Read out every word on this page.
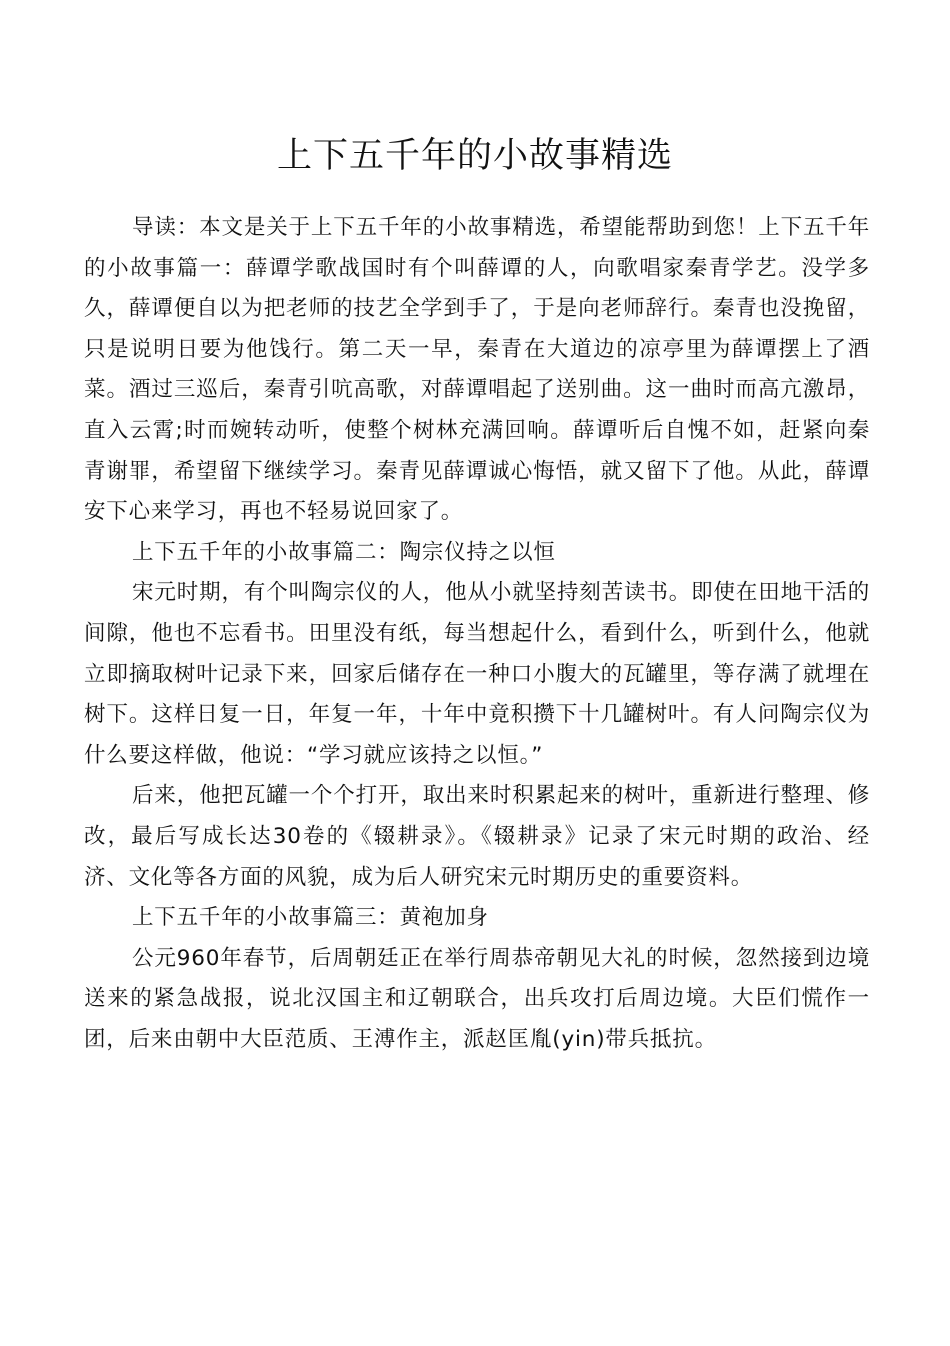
上下五千年的小故事精选

导读：本文是关于上下五千年的小故事精选，希望能帮助到您！上下五千年的小故事篇一：薛谭学歌战国时有个叫薛谭的人，向歌唱家秦青学艺。没学多久，薛谭便自以为把老师的技艺全学到手了，于是向老师辞行。秦青也没挽留，只是说明日要为他饯行。第二天一早，秦青在大道边的凉亭里为薛谭摆上了酒菜。酒过三巡后，秦青引吭高歌，对薛谭唱起了送别曲。这一曲时而高亢激昂，直入云霄;时而婉转动听，使整个树林充满回响。薛谭听后自愧不如，赶紧向秦青谢罪，希望留下继续学习。秦青见薛谭诚心悔悟，就又留下了他。从此，薛谭安下心来学习，再也不轻易说回家了。

上下五千年的小故事篇二：陶宗仪持之以恒

宋元时期，有个叫陶宗仪的人，他从小就坚持刻苦读书。即使在田地干活的间隙，他也不忘看书。田里没有纸，每当想起什么，看到什么，听到什么，他就立即摘取树叶记录下来，回家后储存在一种口小腹大的瓦罐里，等存满了就埋在树下。这样日复一日，年复一年，十年中竟积攒下十几罐树叶。有人问陶宗仪为什么要这样做，他说：“学习就应该持之以恒。”

后来，他把瓦罐一个个打开，取出来时积累起来的树叶，重新进行整理、修改，最后写成长达30卷的《辍耕录》。《辍耕录》记录了宋元时期的政治、经济、文化等各方面的风貌，成为后人研究宋元时期历史的重要资料。

上下五千年的小故事篇三：黄袍加身

公元960年春节，后周朝廷正在举行周恭帝朝见大礼的时候，忽然接到边境送来的紧急战报，说北汉国主和辽朝联合，出兵攻打后周边境。大臣们慌作一团，后来由朝中大臣范质、王溥作主，派赵匡胤(yin)带兵抵抗。
